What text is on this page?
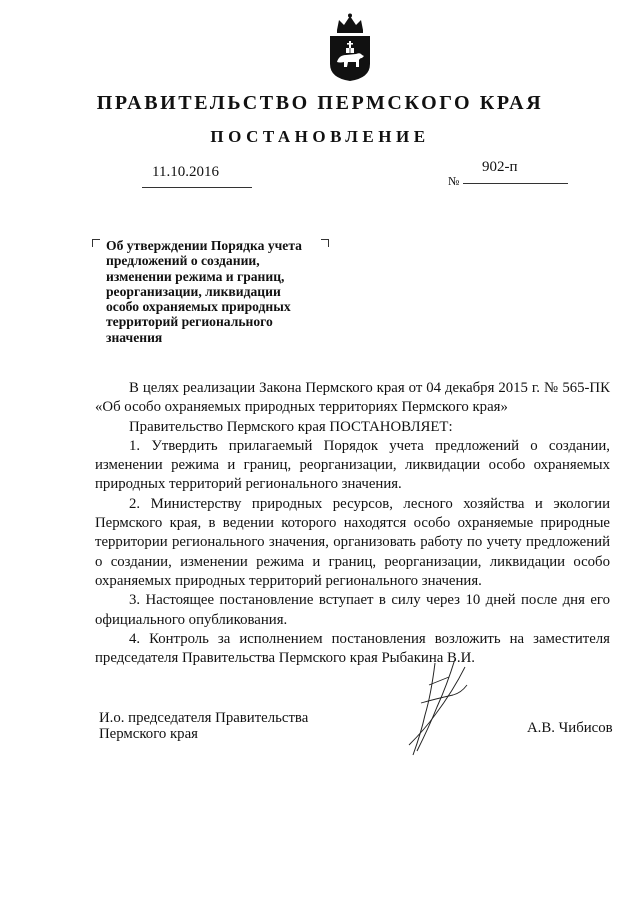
ПРАВИТЕЛЬСТВО ПЕРМСКОГО КРАЯ
ПОСТАНОВЛЕНИЕ
11.10.2016
№
902-п
Об утверждении Порядка учета
предложений о создании,
изменении режима и границ,
реорганизации, ликвидации
особо охраняемых природных
территорий регионального
значения

В целях реализации Закона Пермского края от 04 декабря 2015 г. № 565-ПК «Об особо охраняемых природных территориях Пермского края»

Правительство Пермского края ПОСТАНОВЛЯЕТ:

1. Утвердить прилагаемый Порядок учета предложений о создании, изменении режима и границ, реорганизации, ликвидации особо охраняемых природных территорий регионального значения.

2. Министерству природных ресурсов, лесного хозяйства и экологии Пермского края, в ведении которого находятся особо охраняемые природные территории регионального значения, организовать работу по учету предложений о создании, изменении режима и границ, реорганизации, ликвидации особо охраняемых природных территорий регионального значения.

3. Настоящее постановление вступает в силу через 10 дней после дня его официального опубликования.

4. Контроль за исполнением постановления возложить на заместителя председателя Правительства Пермского края Рыбакина В.И.

И.о. председателя Правительства
Пермского края	А.В. Чибисов
